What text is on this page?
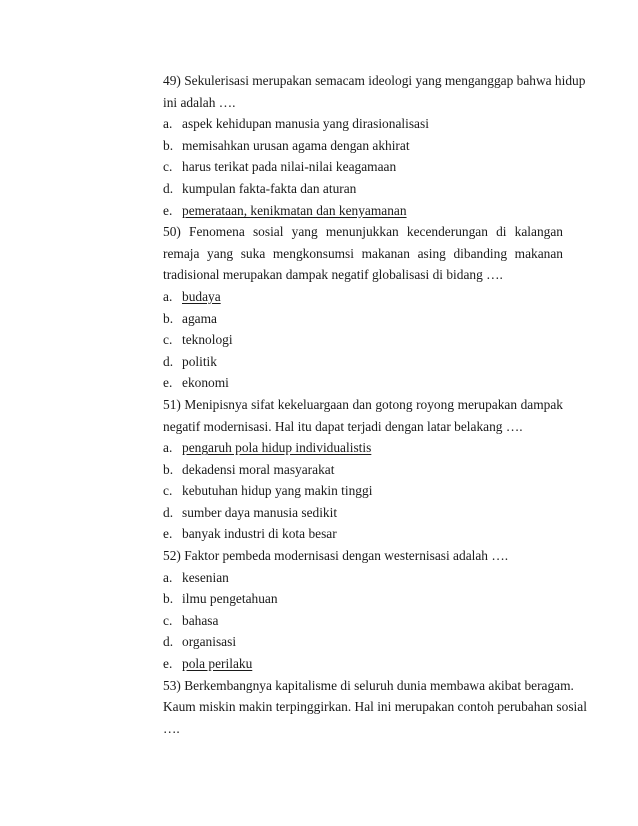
49) Sekulerisasi merupakan semacam ideologi yang menganggap bahwa hidup
ini adalah ….
a. aspek kehidupan manusia yang dirasionalisasi
b. memisahkan urusan agama dengan akhirat
c. harus terikat pada nilai-nilai keagamaan
d. kumpulan fakta-fakta dan aturan
e. pemerataan, kenikmatan dan kenyamanan
50) Fenomena sosial yang menunjukkan kecenderungan di kalangan
remaja yang suka mengkonsumsi makanan asing dibanding makanan
tradisional merupakan dampak negatif globalisasi di bidang ….
a. budaya
b. agama
c. teknologi
d. politik
e. ekonomi
51) Menipisnya sifat kekeluargaan dan gotong royong merupakan dampak
negatif modernisasi. Hal itu dapat terjadi dengan latar belakang ….
a. pengaruh pola hidup individualistis
b. dekadensi moral masyarakat
c. kebutuhan hidup yang makin tinggi
d. sumber daya manusia sedikit
e. banyak industri di kota besar
52) Faktor pembeda modernisasi dengan westernisasi adalah ….
a. kesenian
b. ilmu pengetahuan
c. bahasa
d. organisasi
e. pola perilaku
53) Berkembangnya kapitalisme di seluruh dunia membawa akibat beragam.
Kaum miskin makin terpinggirkan. Hal ini merupakan contoh perubahan sosial
….
